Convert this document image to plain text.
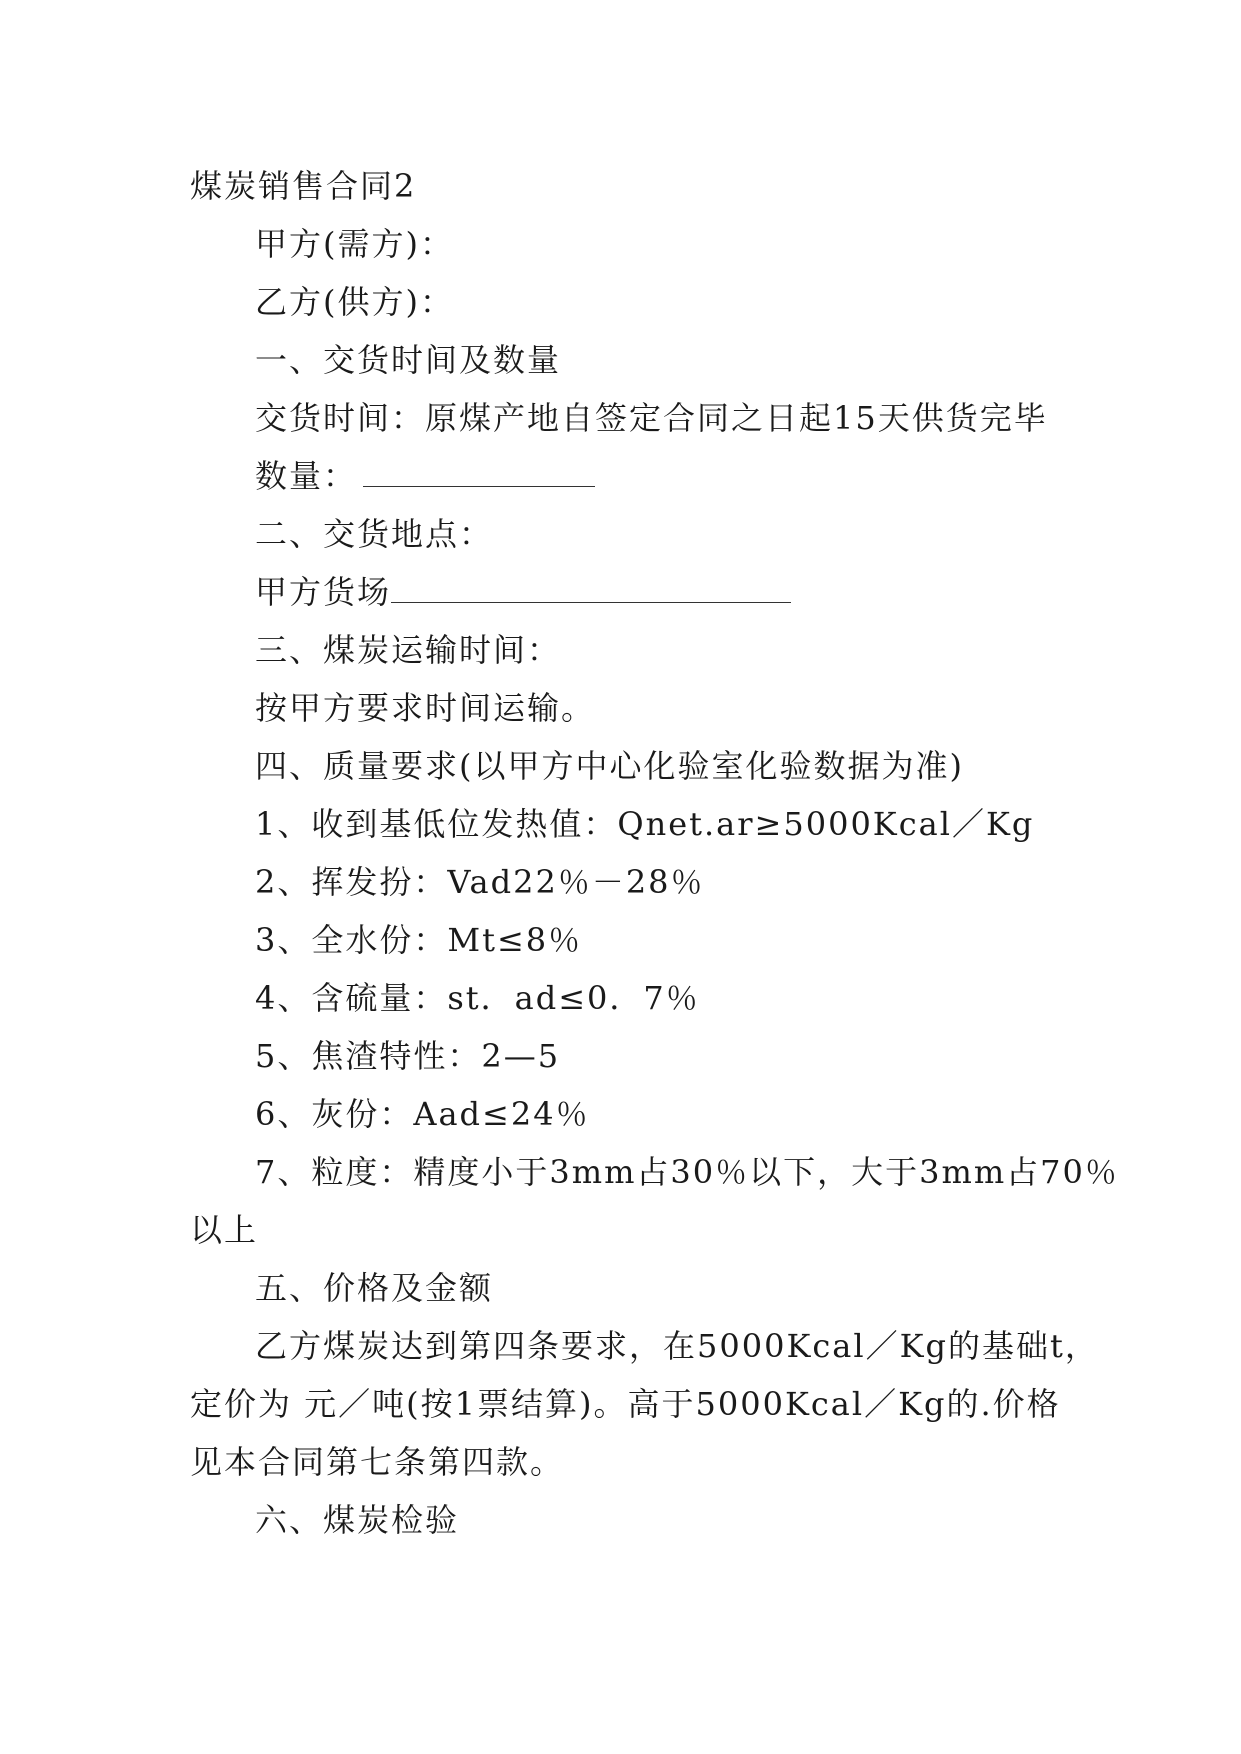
煤炭销售合同2
甲方(需方)：
乙方(供方)：
一、交货时间及数量
交货时间：原煤产地自签定合同之日起15天供货完毕
数量：
二、交货地点：
甲方货场
三、煤炭运输时间：
按甲方要求时间运输。
四、质量要求(以甲方中心化验室化验数据为准)
1、收到基低位发热值：Qnet.ar≥5000Kcal／Kg
2、挥发扮：Vad22％－28％
3、全水份：Mt≤8％
4、含硫量：st．ad≤0．7％
5、焦渣特性：2—5
6、灰份：Aad≤24％
7、粒度：精度小于3mm占30％以下，大于3mm占70％
以上
五、价格及金额
乙方煤炭达到第四条要求，在5000Kcal／Kg的基础t，
定价为 元／吨(按1票结算)。高于5000Kcal／Kg的.价格
见本合同第七条第四款。
六、煤炭检验
